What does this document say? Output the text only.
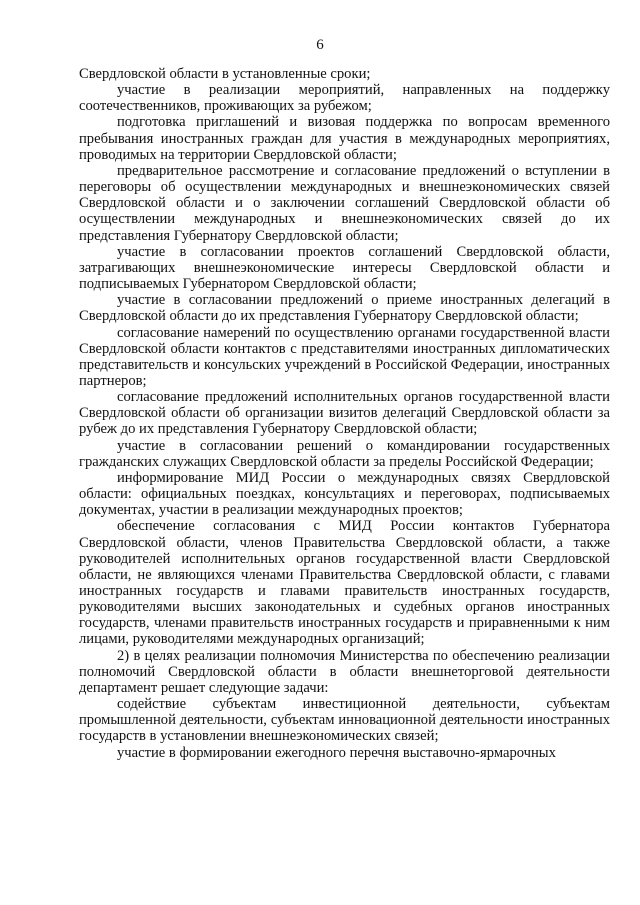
6

Свердловской области в установленные сроки;

участие в реализации мероприятий, направленных на поддержку соотечественников, проживающих за рубежом;

подготовка приглашений и визовая поддержка по вопросам временного пребывания иностранных граждан для участия в международных мероприятиях, проводимых на территории Свердловской области;

предварительное рассмотрение и согласование предложений о вступлении в переговоры об осуществлении международных и внешнеэкономических связей Свердловской области и о заключении соглашений Свердловской области об осуществлении международных и внешнеэкономических связей до их представления Губернатору Свердловской области;

участие в согласовании проектов соглашений Свердловской области, затрагивающих внешнеэкономические интересы Свердловской области и подписываемых Губернатором Свердловской области;

участие в согласовании предложений о приеме иностранных делегаций в Свердловской области до их представления Губернатору Свердловской области;

согласование намерений по осуществлению органами государственной власти Свердловской области контактов с представителями иностранных дипломатических представительств и консульских учреждений в Российской Федерации, иностранных партнеров;

согласование предложений исполнительных органов государственной власти Свердловской области об организации визитов делегаций Свердловской области за рубеж до их представления Губернатору Свердловской области;

участие в согласовании решений о командировании государственных гражданских служащих Свердловской области за пределы Российской Федерации;

информирование МИД России о международных связях Свердловской области: официальных поездках, консультациях и переговорах, подписываемых документах, участии в реализации международных проектов;

обеспечение согласования с МИД России контактов Губернатора Свердловской области, членов Правительства Свердловской области, а также руководителей исполнительных органов государственной власти Свердловской области, не являющихся членами Правительства Свердловской области, с главами иностранных государств и главами правительств иностранных государств, руководителями высших законодательных и судебных органов иностранных государств, членами правительств иностранных государств и приравненными к ним лицами, руководителями международных организаций;

2) в целях реализации полномочия Министерства по обеспечению реализации полномочий Свердловской области в области внешнеторговой деятельности департамент решает следующие задачи:

содействие субъектам инвестиционной деятельности, субъектам промышленной деятельности, субъектам инновационной деятельности иностранных государств в установлении внешнеэкономических связей;

участие в формировании ежегодного перечня выставочно-ярмарочных
